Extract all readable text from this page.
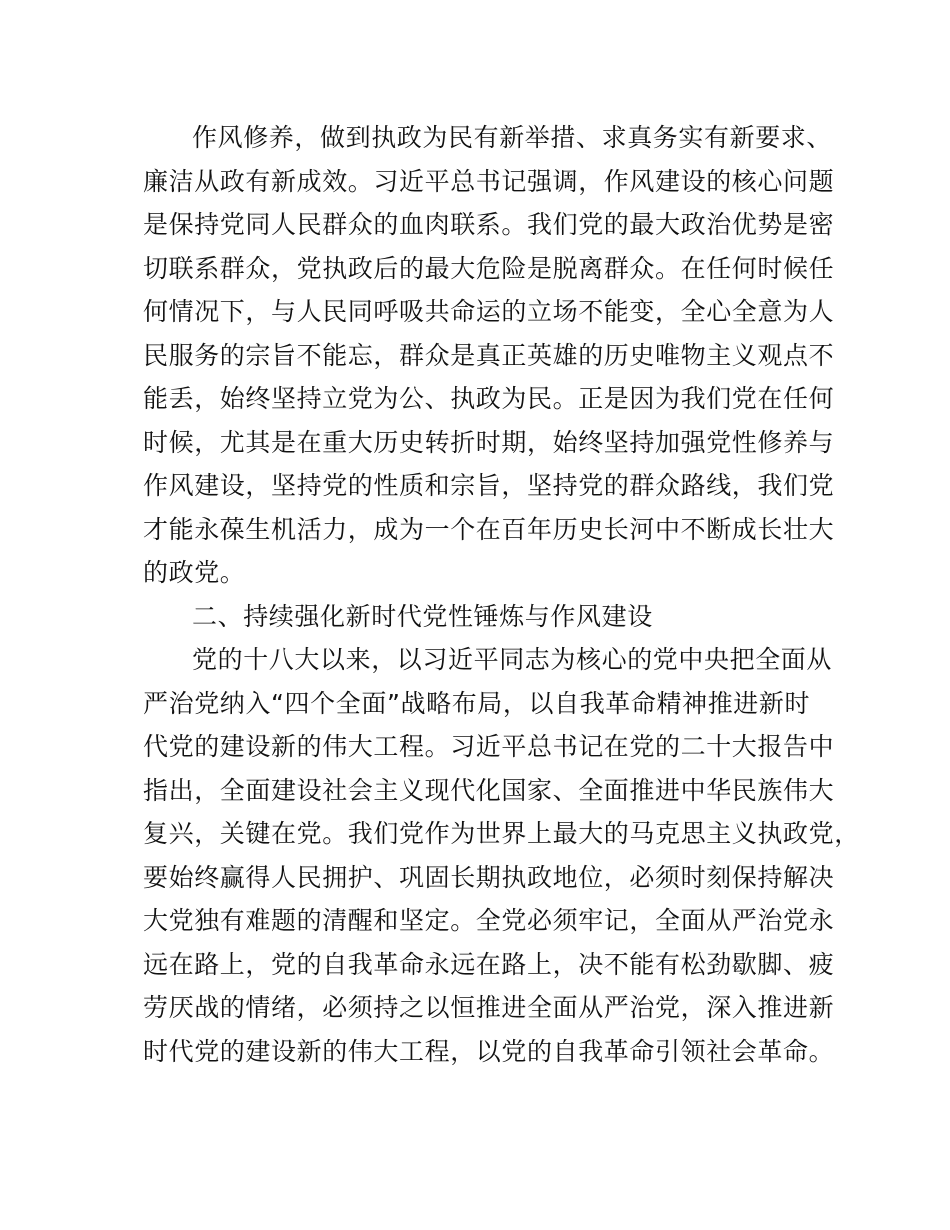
作风修养，做到执政为民有新举措、求真务实有新要求、
廉洁从政有新成效。习近平总书记强调，作风建设的核心问题
是保持党同人民群众的血肉联系。我们党的最大政治优势是密
切联系群众，党执政后的最大危险是脱离群众。在任何时候任
何情况下，与人民同呼吸共命运的立场不能变，全心全意为人
民服务的宗旨不能忘，群众是真正英雄的历史唯物主义观点不
能丢，始终坚持立党为公、执政为民。正是因为我们党在任何
时候，尤其是在重大历史转折时期，始终坚持加强党性修养与
作风建设，坚持党的性质和宗旨，坚持党的群众路线，我们党
才能永葆生机活力，成为一个在百年历史长河中不断成长壮大
的政党。
二、持续强化新时代党性锤炼与作风建设
党的十八大以来，以习近平同志为核心的党中央把全面从
严治党纳入“四个全面”战略布局，以自我革命精神推进新时
代党的建设新的伟大工程。习近平总书记在党的二十大报告中
指出，全面建设社会主义现代化国家、全面推进中华民族伟大
复兴，关键在党。我们党作为世界上最大的马克思主义执政党，
要始终赢得人民拥护、巩固长期执政地位，必须时刻保持解决
大党独有难题的清醒和坚定。全党必须牢记，全面从严治党永
远在路上，党的自我革命永远在路上，决不能有松劲歇脚、疲
劳厌战的情绪，必须持之以恒推进全面从严治党，深入推进新
时代党的建设新的伟大工程，以党的自我革命引领社会革命。
